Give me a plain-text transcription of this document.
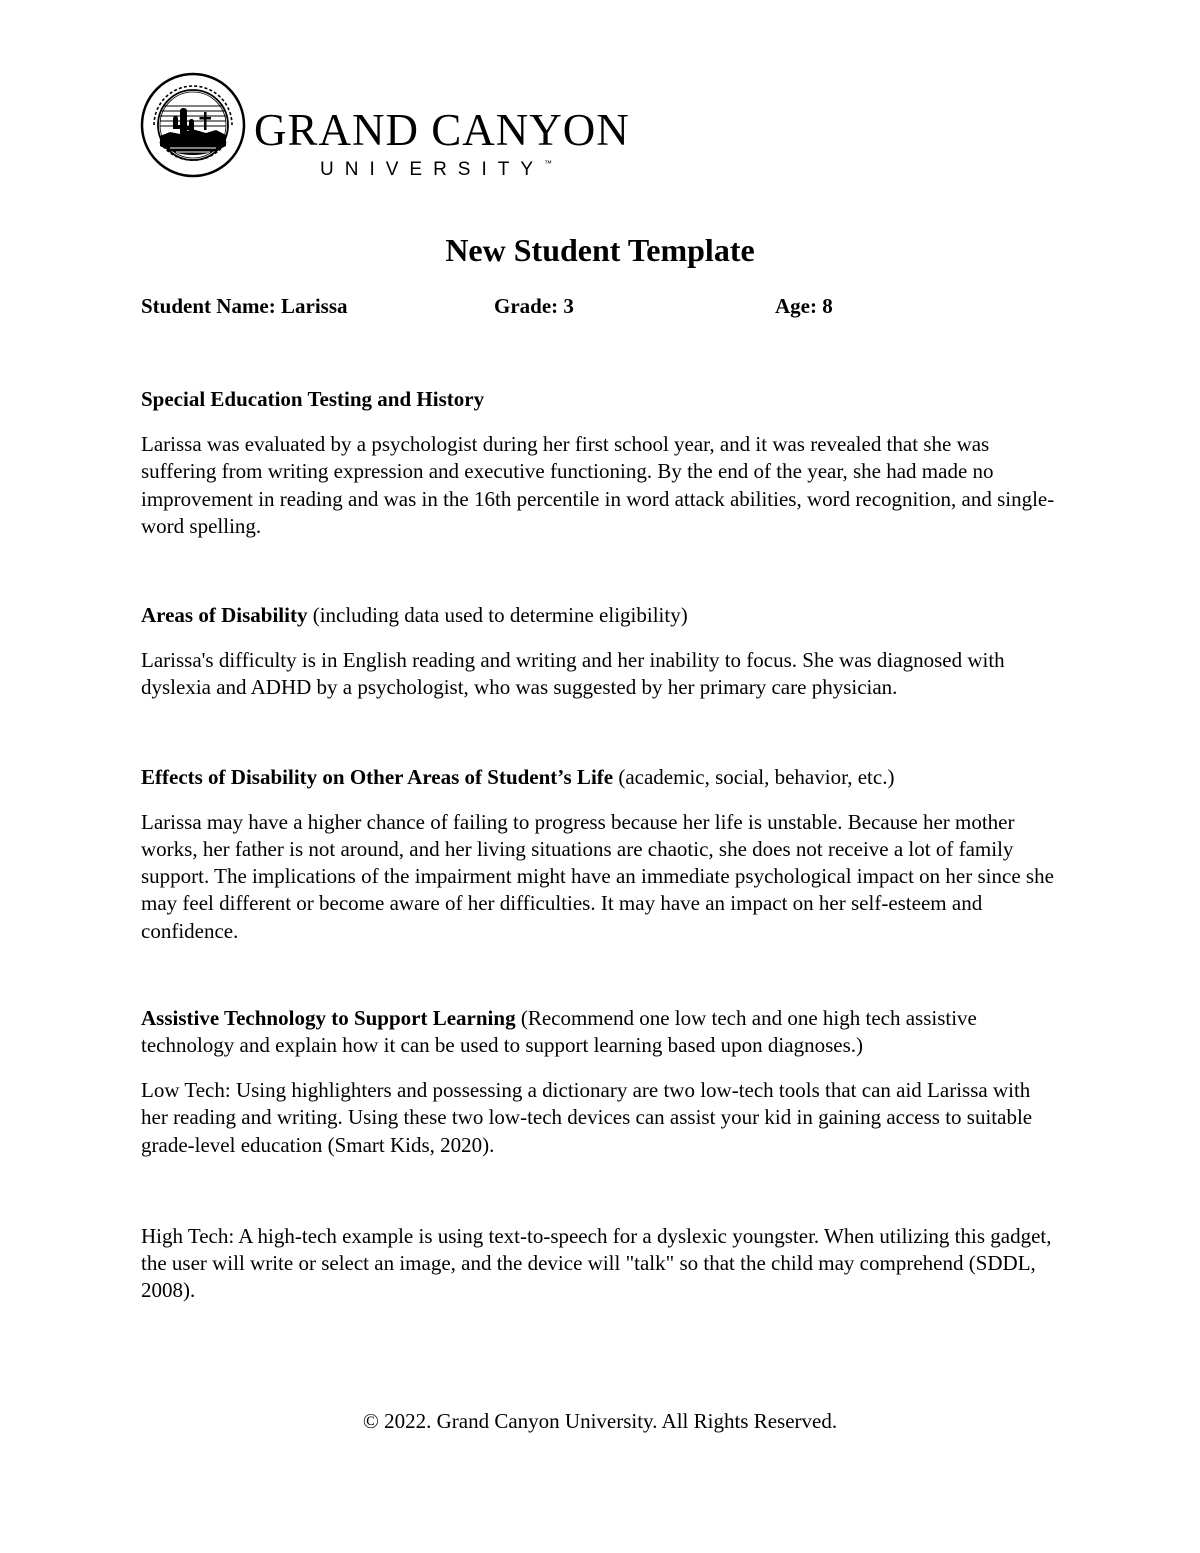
GRAND CANYON
UNIVERSITY™
New Student Template
Student Name: Larissa	Grade: 3	Age: 8
Special Education Testing and History

Larissa was evaluated by a psychologist during her first school year, and it was revealed that she was suffering from writing expression and executive functioning. By the end of the year, she had made no improvement in reading and was in the 16th percentile in word attack abilities, word recognition, and single-word spelling.

Areas of Disability (including data used to determine eligibility)

Larissa's difficulty is in English reading and writing and her inability to focus. She was diagnosed with dyslexia and ADHD by a psychologist, who was suggested by her primary care physician.

Effects of Disability on Other Areas of Student’s Life (academic, social, behavior, etc.)

Larissa may have a higher chance of failing to progress because her life is unstable. Because her mother works, her father is not around, and her living situations are chaotic, she does not receive a lot of family support. The implications of the impairment might have an immediate psychological impact on her since she may feel different or become aware of her difficulties. It may have an impact on her self-esteem and confidence.

Assistive Technology to Support Learning (Recommend one low tech and one high tech assistive technology and explain how it can be used to support learning based upon diagnoses.)

Low Tech: Using highlighters and possessing a dictionary are two low-tech tools that can aid Larissa with her reading and writing. Using these two low-tech devices can assist your kid in gaining access to suitable grade-level education (Smart Kids, 2020).

High Tech: A high-tech example is using text-to-speech for a dyslexic youngster. When utilizing this gadget, the user will write or select an image, and the device will "talk" so that the child may comprehend (SDDL, 2008).

© 2022. Grand Canyon University. All Rights Reserved.
